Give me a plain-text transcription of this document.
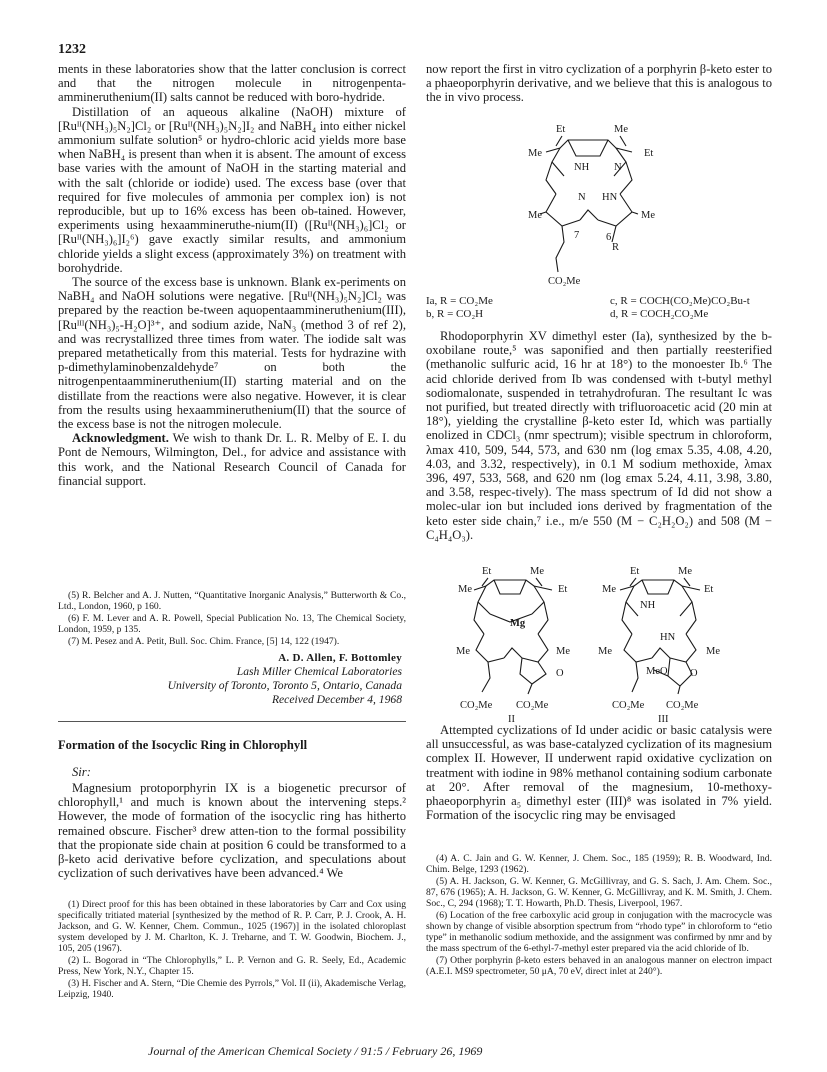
1232

ments in these laboratories show that the latter conclusion is correct and that the nitrogen molecule in nitrogenpenta-ammineruthenium(II) salts cannot be reduced with boro-hydride.

Distillation of an aqueous alkaline (NaOH) mixture of [Ruᴵᴵ(NH₃)₅N₂]Cl₂ or [Ruᴵᴵ(NH₃)₅N₂]I₂ and NaBH₄ into either nickel ammonium sulfate solution⁵ or hydro-chloric acid yields more base when NaBH₄ is present than when it is absent. The amount of excess base varies with the amount of NaOH in the starting material and with the salt (chloride or iodide) used. The excess base (over that required for five molecules of ammonia per complex ion) is not reproducible, but up to 16% excess has been ob-tained. However, experiments using hexaammineruthe-nium(II) ([Ruᴵᴵ(NH₃)₆]Cl₂ or [Ruᴵᴵ(NH₃)₆]I₂⁶) gave exactly similar results, and ammonium chloride yields a slight excess (approximately 3%) on treatment with borohydride.

The source of the excess base is unknown. Blank ex-periments on NaBH₄ and NaOH solutions were negative. [Ruᴵᴵ(NH₃)₅N₂]Cl₂ was prepared by the reaction be-tween aquopentaammineruthenium(III), [Ruᴵᴵᴵ(NH₃)₅-H₂O]³⁺, and sodium azide, NaN₃ (method 3 of ref 2), and was recrystallized three times from water. The iodide salt was prepared metathetically from this material. Tests for hydrazine with p-dimethylaminobenzaldehyde⁷ on both the nitrogenpentaammineruthenium(II) starting material and on the distillate from the reactions were also negative. However, it is clear from the results using hexaammineruthenium(II) that the source of the excess base is not the nitrogen molecule.

Acknowledgment. We wish to thank Dr. L. R. Melby of E. I. du Pont de Nemours, Wilmington, Del., for advice and assistance with this work, and the National Research Council of Canada for financial support.

(5) R. Belcher and A. J. Nutten, “Quantitative Inorganic Analysis,” Butterworth & Co., Ltd., London, 1960, p 160.

(6) F. M. Lever and A. R. Powell, Special Publication No. 13, The Chemical Society, London, 1959, p 135.

(7) M. Pesez and A. Petit, Bull. Soc. Chim. France, [5] 14, 122 (1947).

A. D. Allen, F. Bottomley
Lash Miller Chemical Laboratories
University of Toronto, Toronto 5, Ontario, Canada
Received December 4, 1968
Formation of the Isocyclic Ring in Chlorophyll
Sir:

Magnesium protoporphyrin IX is a biogenetic precursor of chlorophyll,¹ and much is known about the intervening steps.² However, the mode of formation of the isocyclic ring has hitherto remained obscure. Fischer³ drew atten-tion to the formal possibility that the propionate side chain at position 6 could be transformed to a β-keto acid derivative before cyclization, and speculations about cyclization of such derivatives have been advanced.⁴ We

(1) Direct proof for this has been obtained in these laboratories by Carr and Cox using specifically tritiated material [synthesized by the method of R. P. Carr, P. J. Crook, A. H. Jackson, and G. W. Kenner, Chem. Commun., 1025 (1967)] in the isolated chloroplast system developed by J. M. Charlton, K. J. Treharne, and T. W. Goodwin, Biochem. J., 105, 205 (1967).

(2) L. Bogorad in “The Chlorophylls,” L. P. Vernon and G. R. Seely, Ed., Academic Press, New York, N.Y., Chapter 15.

(3) H. Fischer and A. Stern, “Die Chemie des Pyrrols,” Vol. II (ii), Akademische Verlag, Leipzig, 1940.

now report the first in vitro cyclization of a porphyrin β-keto ester to a phaeoporphyrin derivative, and we believe that this is analogous to the in vivo process.

Et	Me
Me	Et
NH N
N HN
Me	Me
7	6
R
CO₂Me
Ia, R = CO₂Me
b, R = CO₂H
c, R = COCH(CO₂Me)CO₂Bu-t
d, R = COCH₂CO₂Me

Rhodoporphyrin XV dimethyl ester (Ia), synthesized by the b-oxobilane route,⁵ was saponified and then partially reesterified (methanolic sulfuric acid, 16 hr at 18°) to the monoester Ib.⁶ The acid chloride derived from Ib was condensed with t-butyl methyl sodiomalonate, suspended in tetrahydrofuran. The resultant Ic was not purified, but treated directly with trifluoroacetic acid (20 min at 18°), yielding the crystalline β-keto ester Id, which was partially enolized in CDCl₃ (nmr spectrum); visible spectrum in chloroform, λmax 410, 509, 544, 573, and 630 nm (log εmax 5.35, 4.08, 4.20, 4.03, and 3.32, respectively), in 0.1 M sodium methoxide, λmax 396, 497, 533, 568, and 620 nm (log εmax 5.24, 4.11, 3.98, 3.80, and 3.58, respec-tively). The mass spectrum of Id did not show a molec-ular ion but included ions derived by fragmentation of the keto ester side chain,⁷ i.e., m/e 550 (M − C₂H₂O₂) and 508 (M − C₄H₄O₃).

Et	Me
Me	Et
Mg
Me	Me
O
CO₂Me CO₂Me
II
Et	Me
Me	Et
NH
HN
Me	Me
MeO O
CO₂Me CO₂Me
III

Attempted cyclizations of Id under acidic or basic catalysis were all unsuccessful, as was base-catalyzed cyclization of its magnesium complex II. However, II underwent rapid oxidative cyclization on treatment with iodine in 98% methanol containing sodium carbonate at 20°. After removal of the magnesium, 10-methoxy-phaeoporphyrin a₅ dimethyl ester (III)⁸ was isolated in 7% yield. Formation of the isocyclic ring may be envisaged

(4) A. C. Jain and G. W. Kenner, J. Chem. Soc., 185 (1959); R. B. Woodward, Ind. Chim. Belge, 1293 (1962).

(5) A. H. Jackson, G. W. Kenner, G. McGillivray, and G. S. Sach, J. Am. Chem. Soc., 87, 676 (1965); A. H. Jackson, G. W. Kenner, G. McGillivray, and K. M. Smith, J. Chem. Soc., C, 294 (1968); T. T. Howarth, Ph.D. Thesis, Liverpool, 1967.

(6) Location of the free carboxylic acid group in conjugation with the macrocycle was shown by change of visible absorption spectrum from “rhodo type” in chloroform to “etio type” in methanolic sodium methoxide, and the assignment was confirmed by nmr and by the mass spectrum of the 6-ethyl-7-methyl ester prepared via the acid chloride of Ib.

(7) Other porphyrin β-keto esters behaved in an analogous manner on electron impact (A.E.I. MS9 spectrometer, 50 μA, 70 eV, direct inlet at 240°).

Journal of the American Chemical Society / 91:5 / February 26, 1969
